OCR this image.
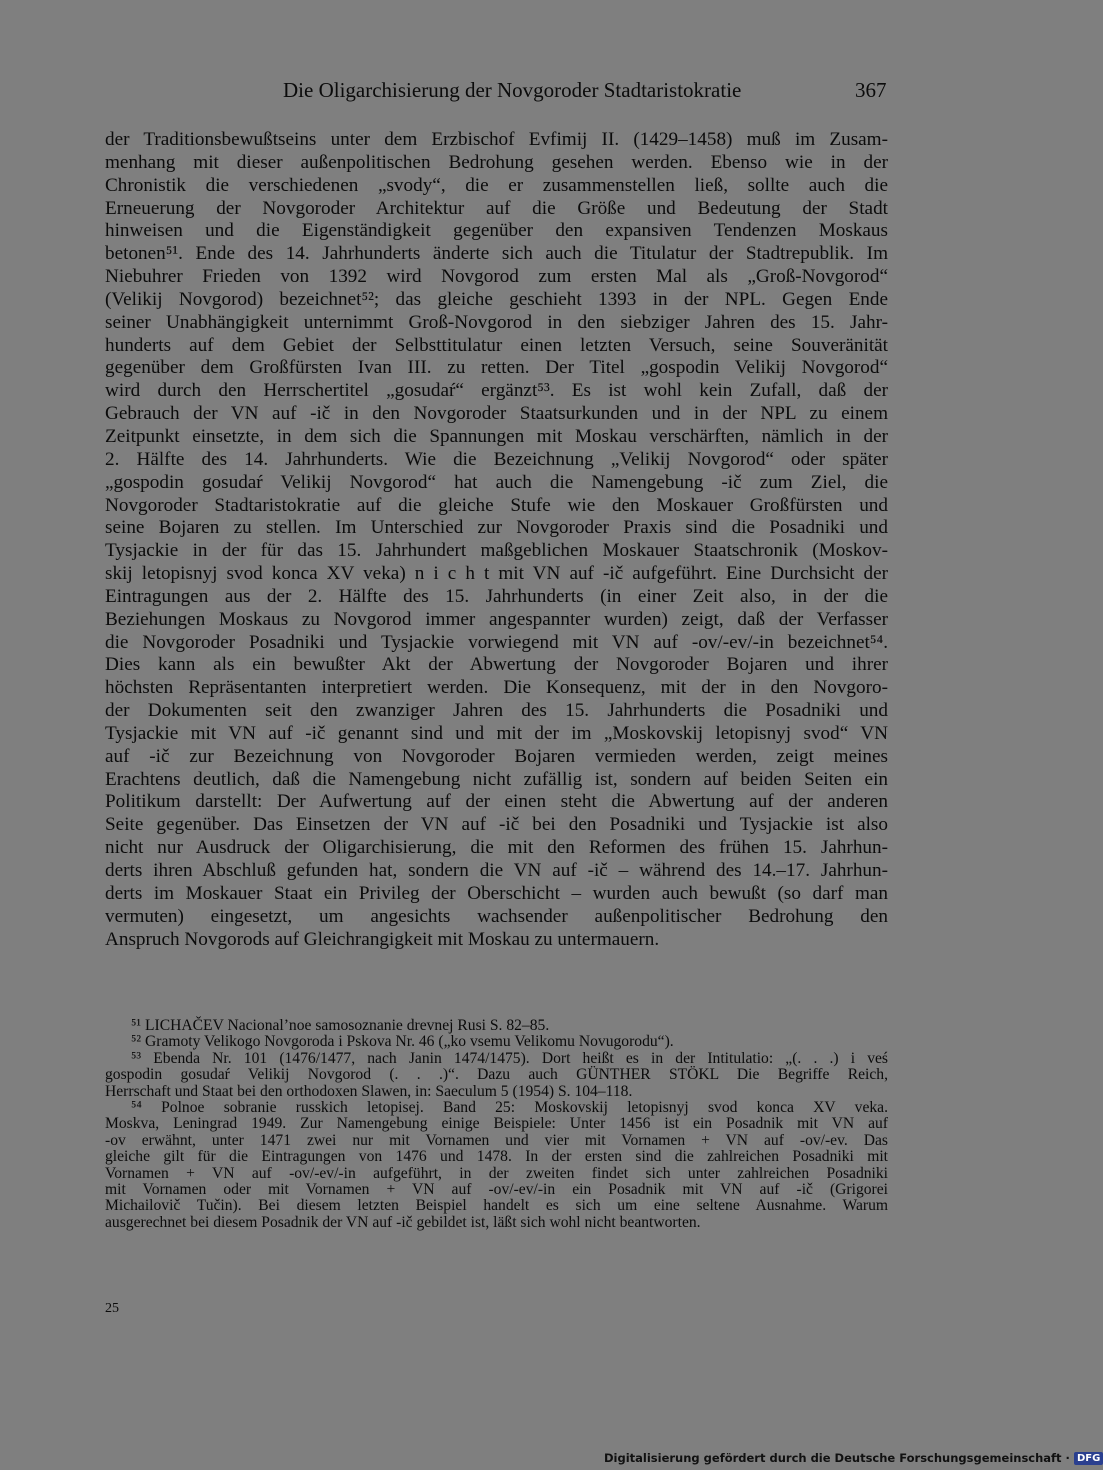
Die Oligarchisierung der Novgoroder Stadtaristokratie	367
der Traditionsbewußtseins unter dem Erzbischof Evfimij II. (1429–1458) muß im Zusam-
menhang mit dieser außenpolitischen Bedrohung gesehen werden. Ebenso wie in der
Chronistik die verschiedenen „svody“, die er zusammenstellen ließ, sollte auch die
Erneuerung der Novgoroder Architektur auf die Größe und Bedeutung der Stadt
hinweisen und die Eigenständigkeit gegenüber den expansiven Tendenzen Moskaus
betonen⁵¹. Ende des 14. Jahrhunderts änderte sich auch die Titulatur der Stadtrepublik. Im
Niebuhrer Frieden von 1392 wird Novgorod zum ersten Mal als „Groß-Novgorod“
(Velikij Novgorod) bezeichnet⁵²; das gleiche geschieht 1393 in der NPL. Gegen Ende
seiner Unabhängigkeit unternimmt Groß-Novgorod in den siebziger Jahren des 15. Jahr-
hunderts auf dem Gebiet der Selbsttitulatur einen letzten Versuch, seine Souveränität
gegenüber dem Großfürsten Ivan III. zu retten. Der Titel „gospodin Velikij Novgorod“
wird durch den Herrschertitel „gosudaŕ“ ergänzt⁵³. Es ist wohl kein Zufall, daß der
Gebrauch der VN auf -ič in den Novgoroder Staatsurkunden und in der NPL zu einem
Zeitpunkt einsetzte, in dem sich die Spannungen mit Moskau verschärften, nämlich in der
2. Hälfte des 14. Jahrhunderts. Wie die Bezeichnung „Velikij Novgorod“ oder später
„gospodin gosudaŕ Velikij Novgorod“ hat auch die Namengebung -ič zum Ziel, die
Novgoroder Stadtaristokratie auf die gleiche Stufe wie den Moskauer Großfürsten und
seine Bojaren zu stellen. Im Unterschied zur Novgoroder Praxis sind die Posadniki und
Tysjackie in der für das 15. Jahrhundert maßgeblichen Moskauer Staatschronik (Moskov-
skij letopisnyj svod konca XV veka) n i c h t mit VN auf -ič aufgeführt. Eine Durchsicht der
Eintragungen aus der 2. Hälfte des 15. Jahrhunderts (in einer Zeit also, in der die
Beziehungen Moskaus zu Novgorod immer angespannter wurden) zeigt, daß der Verfasser
die Novgoroder Posadniki und Tysjackie vorwiegend mit VN auf -ov/-ev/-in bezeichnet⁵⁴.
Dies kann als ein bewußter Akt der Abwertung der Novgoroder Bojaren und ihrer
höchsten Repräsentanten interpretiert werden. Die Konsequenz, mit der in den Novgoro-
der Dokumenten seit den zwanziger Jahren des 15. Jahrhunderts die Posadniki und
Tysjackie mit VN auf -ič genannt sind und mit der im „Moskovskij letopisnyj svod“ VN
auf -ič zur Bezeichnung von Novgoroder Bojaren vermieden werden, zeigt meines
Erachtens deutlich, daß die Namengebung nicht zufällig ist, sondern auf beiden Seiten ein
Politikum darstellt: Der Aufwertung auf der einen steht die Abwertung auf der anderen
Seite gegenüber. Das Einsetzen der VN auf -ič bei den Posadniki und Tysjackie ist also
nicht nur Ausdruck der Oligarchisierung, die mit den Reformen des frühen 15. Jahrhun-
derts ihren Abschluß gefunden hat, sondern die VN auf -ič – während des 14.–17. Jahrhun-
derts im Moskauer Staat ein Privileg der Oberschicht – wurden auch bewußt (so darf man
vermuten) eingesetzt, um angesichts wachsender außenpolitischer Bedrohung den
Anspruch Novgorods auf Gleichrangigkeit mit Moskau zu untermauern.
⁵¹ LICHAČEV Nacional’noe samosoznanie drevnej Rusi S. 82–85.
⁵² Gramoty Velikogo Novgoroda i Pskova Nr. 46 („ko vsemu Velikomu Novugorodu“).
⁵³ Ebenda Nr. 101 (1476/1477, nach Janin 1474/1475). Dort heißt es in der Intitulatio: „(. . .) i veś
gospodin gosudaŕ Velikij Novgorod (. . .)“. Dazu auch GÜNTHER STÖKL Die Begriffe Reich,
Herrschaft und Staat bei den orthodoxen Slawen, in: Saeculum 5 (1954) S. 104–118.
⁵⁴ Polnoe sobranie russkich letopisej. Band 25: Moskovskij letopisnyj svod konca XV veka.
Moskva, Leningrad 1949. Zur Namengebung einige Beispiele: Unter 1456 ist ein Posadnik mit VN auf
-ov erwähnt, unter 1471 zwei nur mit Vornamen und vier mit Vornamen + VN auf -ov/-ev. Das
gleiche gilt für die Eintragungen von 1476 und 1478. In der ersten sind die zahlreichen Posadniki mit
Vornamen + VN auf -ov/-ev/-in aufgeführt, in der zweiten findet sich unter zahlreichen Posadniki
mit Vornamen oder mit Vornamen + VN auf -ov/-ev/-in ein Posadnik mit VN auf -ič (Grigorei
Michailovič Tučin). Bei diesem letzten Beispiel handelt es sich um eine seltene Ausnahme. Warum
ausgerechnet bei diesem Posadnik der VN auf -ič gebildet ist, läßt sich wohl nicht beantworten.
25
Digitalisierung gefördert durch die Deutsche Forschungsgemeinschaft · DFG
